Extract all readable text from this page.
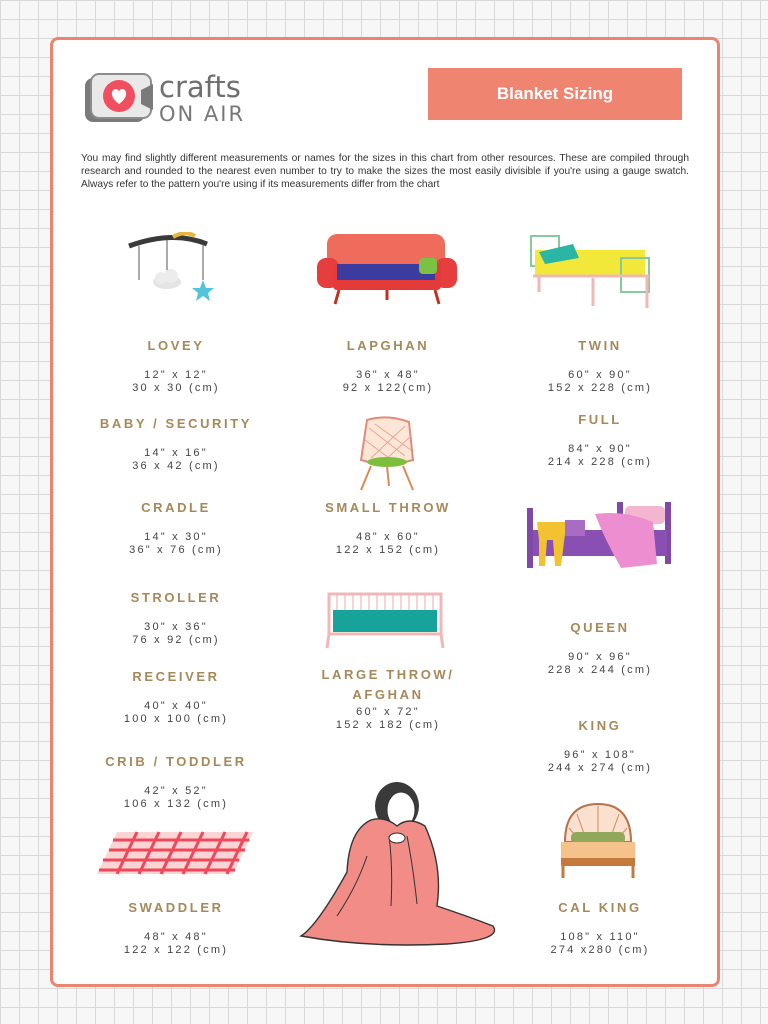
crafts
ON AIR
Blanket Sizing
You may find slightly different measurements or names for the sizes in this chart from other resources. These are compiled through research and rounded to the nearest even number to try to make the sizes the most easily divisible if you're using a gauge swatch. Always refer to the pattern you're using if its measurements differ from the chart
LOVEY
12" x 12"
30 x 30 (cm)
BABY / SECURITY
14" x 16"
36 x 42 (cm)
CRADLE
14" x 30"
36" x 76 (cm)
STROLLER
30" x 36"
76 x 92 (cm)
RECEIVER
40" x 40"
100 x 100 (cm)
CRIB / TODDLER
42" x 52"
106 x 132 (cm)
SWADDLER
48" x 48"
122 x 122 (cm)
LAPGHAN
36" x 48"
92 x 122(cm)
SMALL THROW
48" x 60"
122 x 152 (cm)
LARGE THROW/
AFGHAN
60" x 72"
152 x 182 (cm)
TWIN
60" x 90"
152 x 228 (cm)
FULL
84" x 90"
214 x 228 (cm)
QUEEN
90" x 96"
228 x 244 (cm)
KING
96" x 108"
244 x 274 (cm)
CAL KING
108" x 110"
274 x280 (cm)
